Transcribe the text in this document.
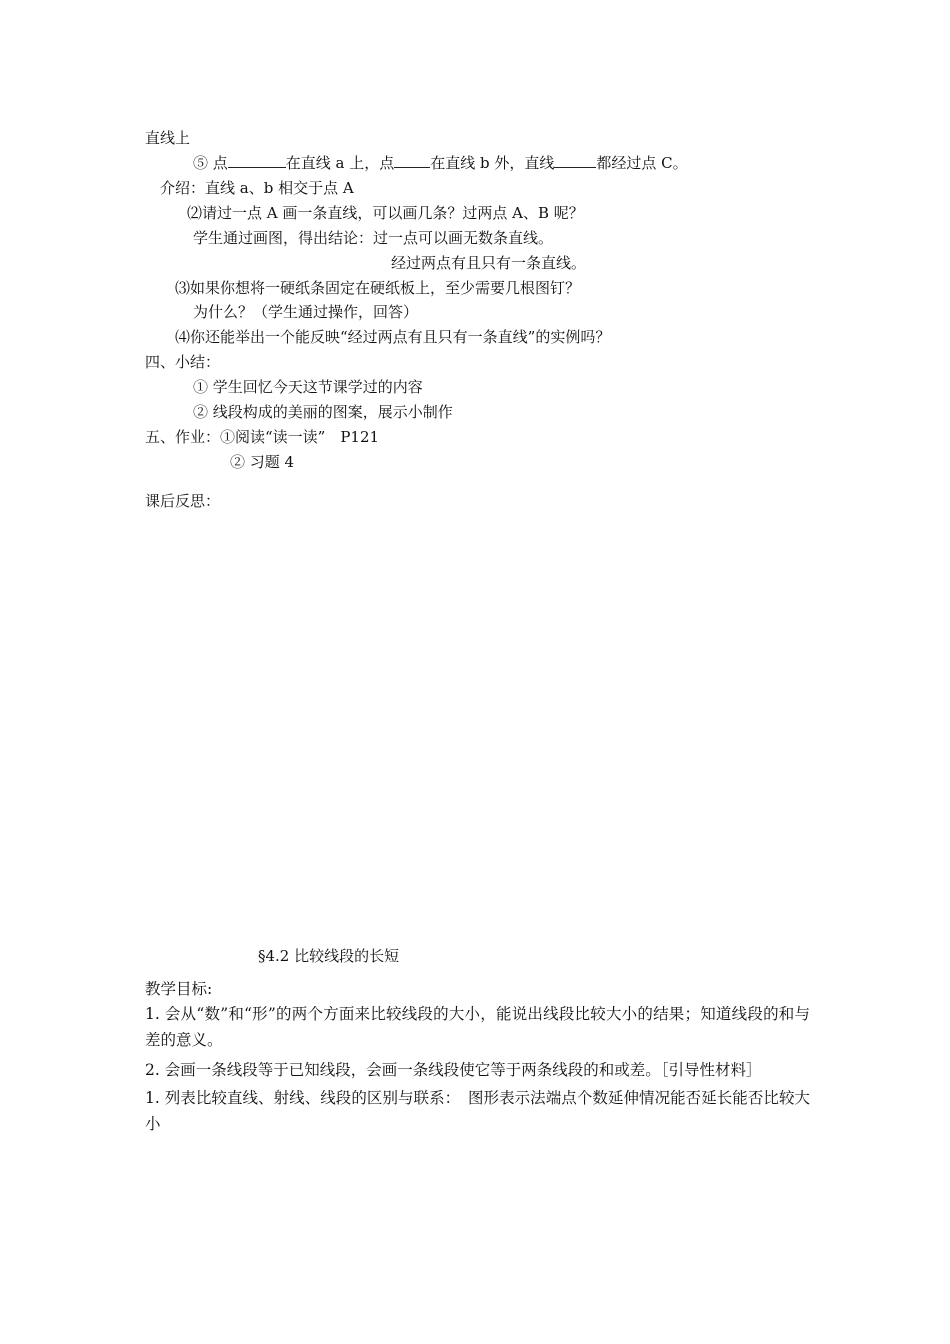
直线上
⑤ 点	在直线 a 上，点 在直线 b 外，直线	都经过点 C。
介绍：直线 a、b 相交于点 A
⑵请过一点 A 画一条直线，可以画几条？过两点 A、B 呢？
学生通过画图，得出结论：过一点可以画无数条直线。
经过两点有且只有一条直线。
⑶如果你想将一硬纸条固定在硬纸板上，至少需要几根图钉？
为什么？（学生通过操作，回答）
⑷你还能举出一个能反映“经过两点有且只有一条直线”的实例吗？
四、小结：
① 学生回忆今天这节课学过的内容
② 线段构成的美丽的图案，展示小制作
五、作业：①阅读“读一读”　P121
② 习题 4
课后反思：
§4.2 比较线段的长短
教学目标:
1. 会从“数”和“形”的两个方面来比较线段的大小，能说出线段比较大小的结果；知道线段的和与差的意义。
2. 会画一条线段等于已知线段，会画一条线段使它等于两条线段的和或差。［引导性材料］
1. 列表比较直线、射线、线段的区别与联系：　图形表示法端点个数延伸情况能否延长能否比较大小
